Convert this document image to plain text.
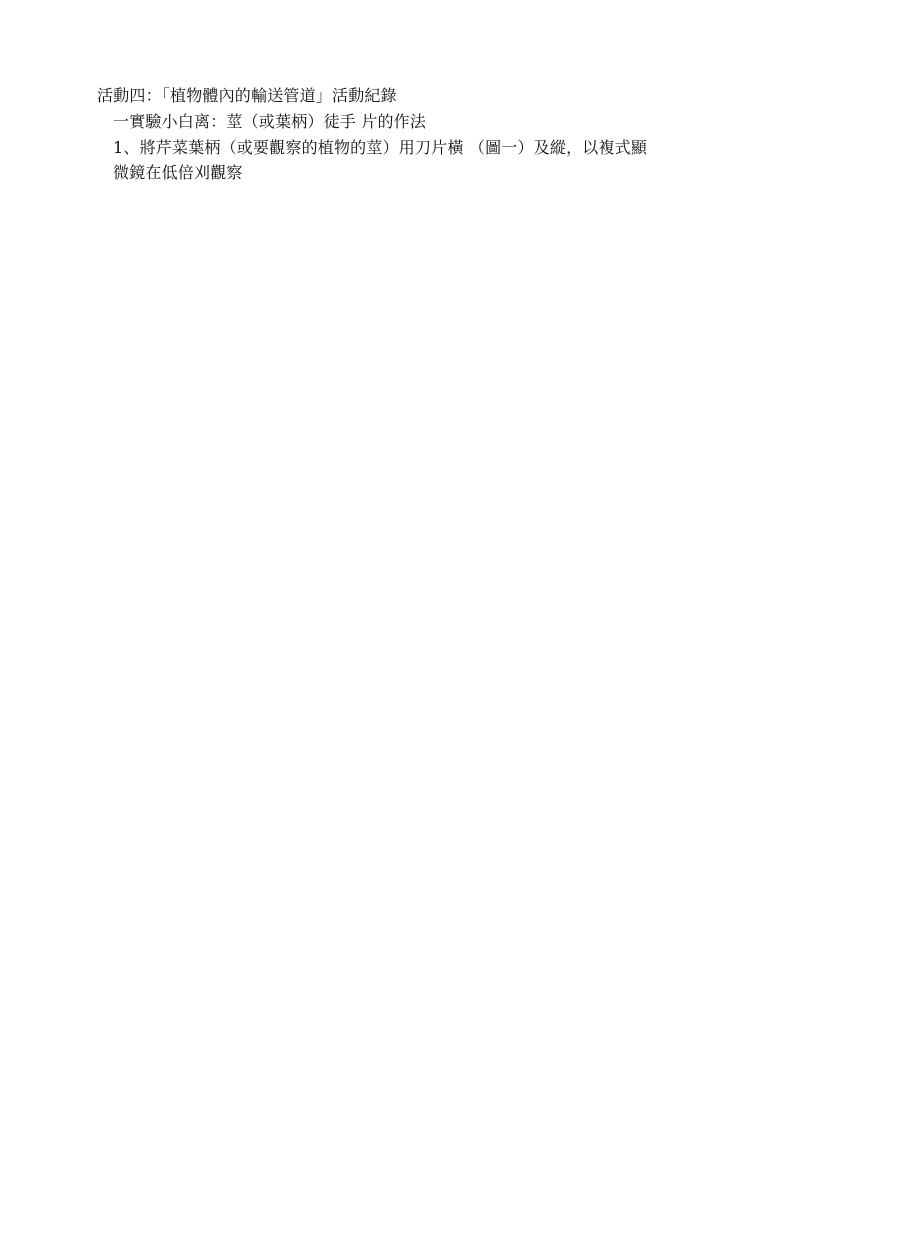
活動四：「植物體內的輸送管道」活動紀錄
一實驗小白离：莖（或葉柄）徒手 片的作法
1、將芹菜葉柄（或要觀察的植物的莖）用刀片橫 （圖一）及縱，以複式顯
微鏡在低倍刈觀察
